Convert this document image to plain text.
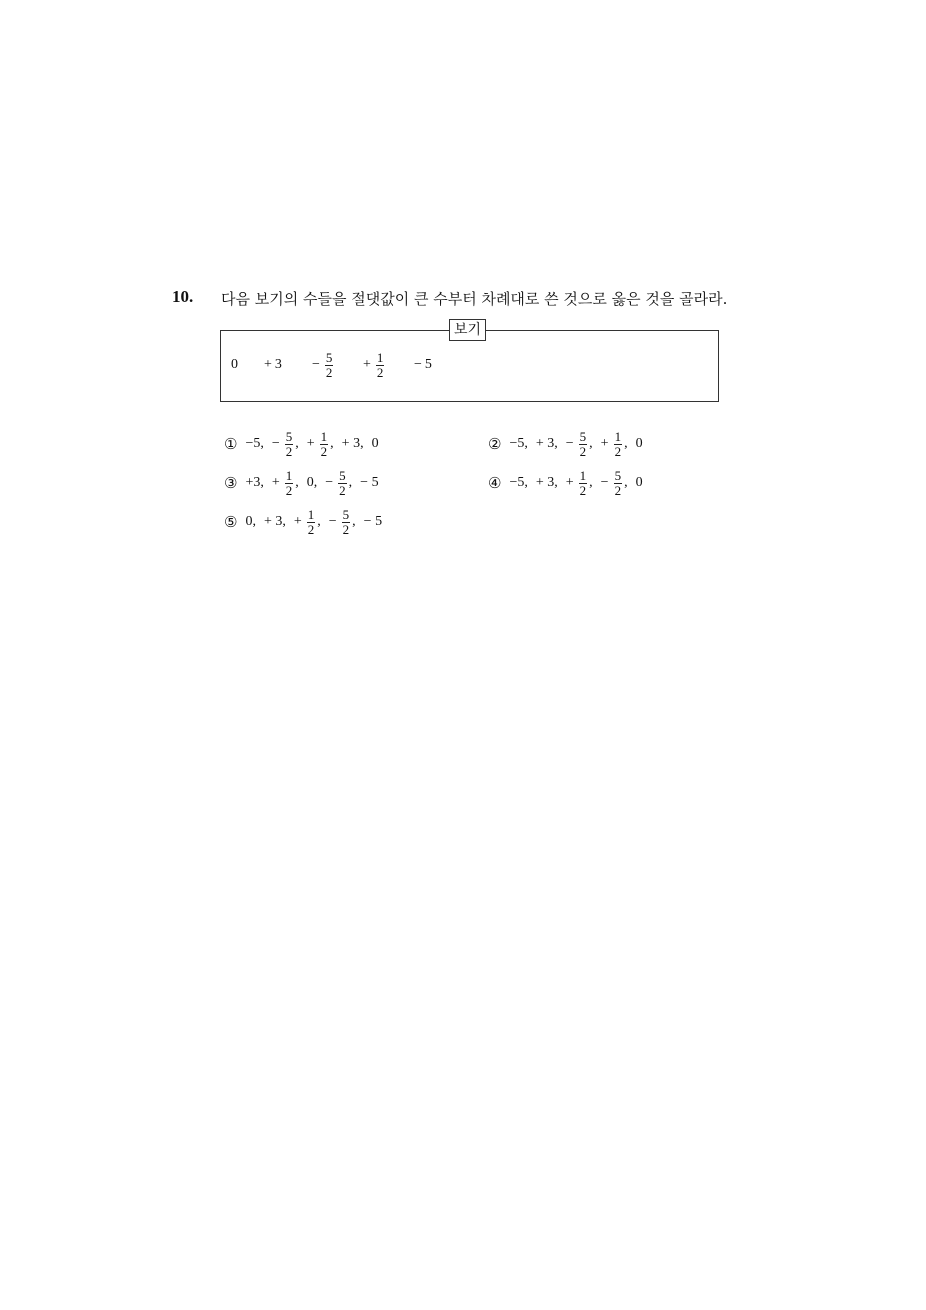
10. 다음 보기의 수들을 절댓값이 큰 수부터 차례대로 쓴 것으로 옳은 것을 골라라.
보기
$0 + 3 - \frac{5}{2} + \frac{1}{2} - 5$
① −5 , − $\frac{5}{2}$ , + $\frac{1}{2}$ , + 3 , 0	② −5 , + 3 , − $\frac{5}{2}$ , + $\frac{1}{2}$ , 0
③ +3 , + $\frac{1}{2}$ , 0 , − $\frac{5}{2}$ , − 5	④ −5 , + 3 , + $\frac{1}{2}$ , − $\frac{5}{2}$ , 0
⑤ 0 , + 3 , + $\frac{1}{2}$ , − $\frac{5}{2}$ , − 5
